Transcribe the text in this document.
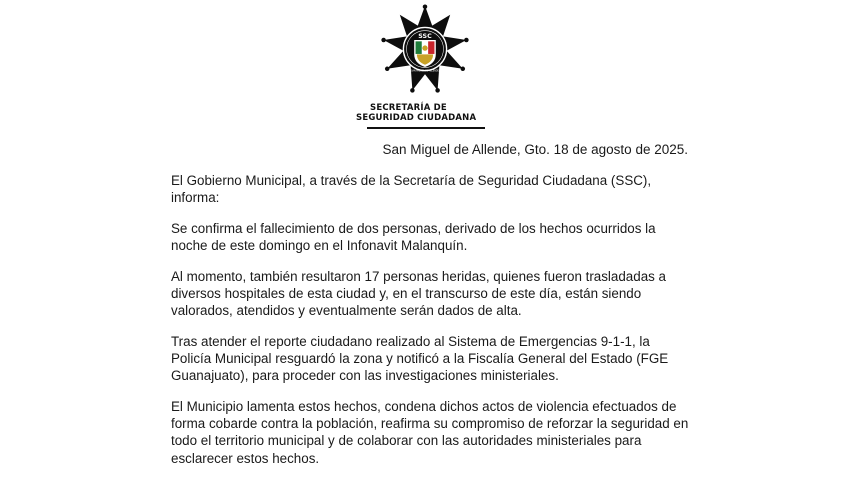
SSC
SAN MIGUEL DE ALLENDE
SECRETARÍA DE
SEGURIDAD CIUDADANA
San Miguel de Allende, Gto. 18 de agosto de 2025.

El Gobierno Municipal, a través de la Secretaría de Seguridad Ciudadana (SSC), informa:

Se confirma el fallecimiento de dos personas, derivado de los hechos ocurridos la noche de este domingo en el Infonavit Malanquín.

Al momento, también resultaron 17 personas heridas, quienes fueron trasladadas a diversos hospitales de esta ciudad y, en el transcurso de este día, están siendo valorados, atendidos y eventualmente serán dados de alta.

Tras atender el reporte ciudadano realizado al Sistema de Emergencias 9-1-1, la Policía Municipal resguardó la zona y notificó a la Fiscalía General del Estado (FGE Guanajuato), para proceder con las investigaciones ministeriales.

El Municipio lamenta estos hechos, condena dichos actos de violencia efectuados de forma cobarde contra la población, reafirma su compromiso de reforzar la seguridad en todo el territorio municipal y de colaborar con las autoridades ministeriales para esclarecer estos hechos.
